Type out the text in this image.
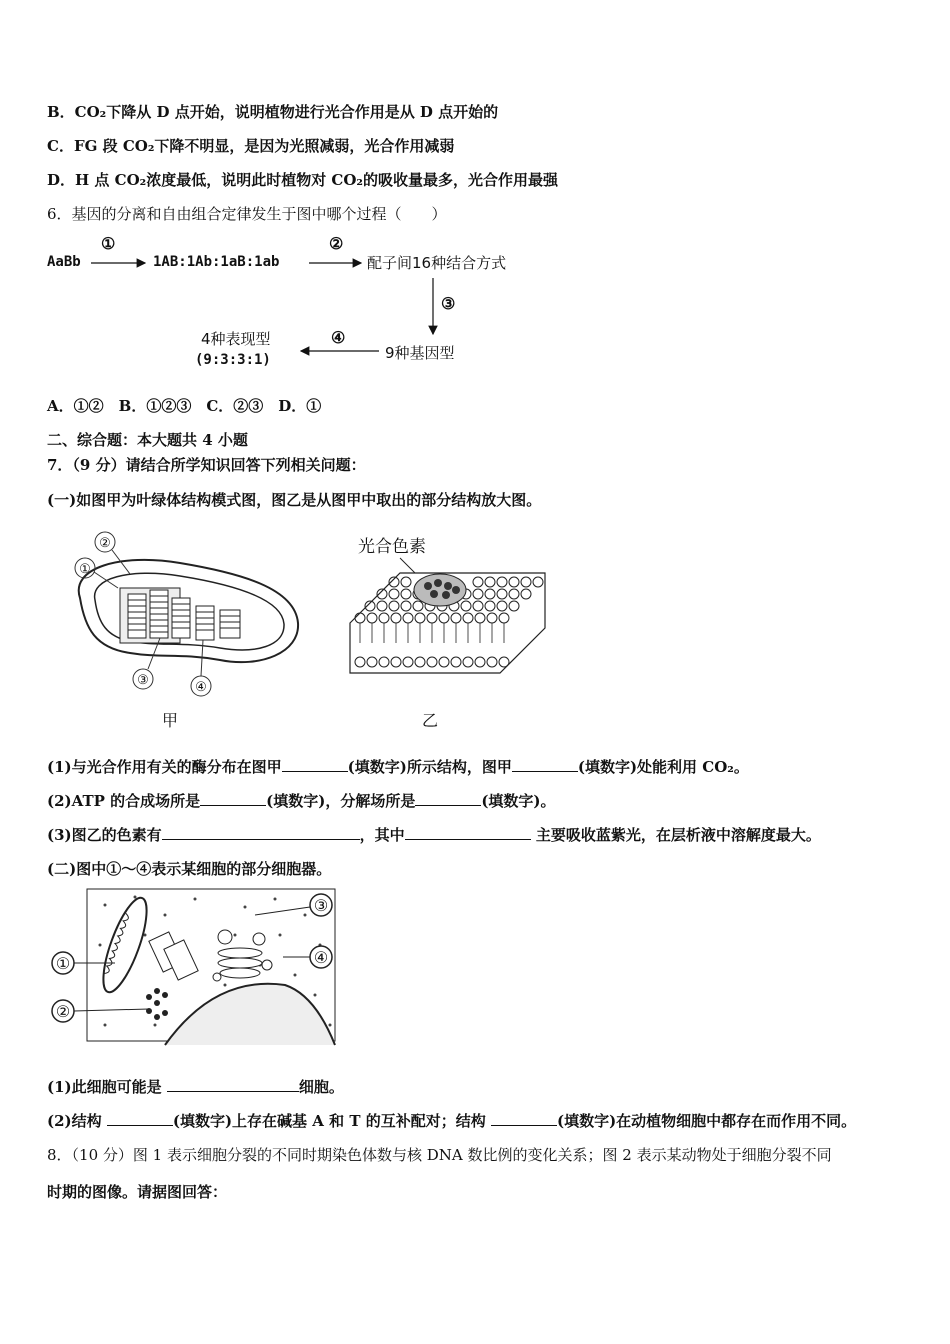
B．CO₂下降从 D 点开始，说明植物进行光合作用是从 D 点开始的
C．FG 段 CO₂下降不明显，是因为光照减弱，光合作用减弱
D．H 点 CO₂浓度最低，说明此时植物对 CO₂的吸收量最多，光合作用最强
6．基因的分离和自由组合定律发生于图中哪个过程（　　）
AaBb
①
1AB:1Ab:1aB:1ab
②
配子间16种结合方式
③
9种基因型
④
4种表现型
(9:3:3:1)
A．①②　B．①②③　C．②③　D．①
二、综合题：本大题共 4 小题
7．（9 分）请结合所学知识回答下列相关问题：
(一)如图甲为叶绿体结构模式图，图乙是从图甲中取出的部分结构放大图。
①
②
③	④
甲
光合色素
乙
(1)与光合作用有关的酶分布在图甲	(填数字)所示结构，图甲	(填数字)处能利用 CO₂。
(2)ATP 的合成场所是	(填数字)，分解场所是	(填数字)。
(3)图乙的色素有	，其中	主要吸收蓝紫光，在层析液中溶解度最大。
(二)图中①～④表示某细胞的部分细胞器。
①
②
③
④
(1)此细胞可能是	细胞。
(2)结构	(填数字)上存在碱基 A 和 T 的互补配对；结构	(填数字)在动植物细胞中都存在而作用不同。
8．（10 分）图 1 表示细胞分裂的不同时期染色体数与核 DNA 数比例的变化关系；图 2 表示某动物处于细胞分裂不同
时期的图像。请据图回答：
